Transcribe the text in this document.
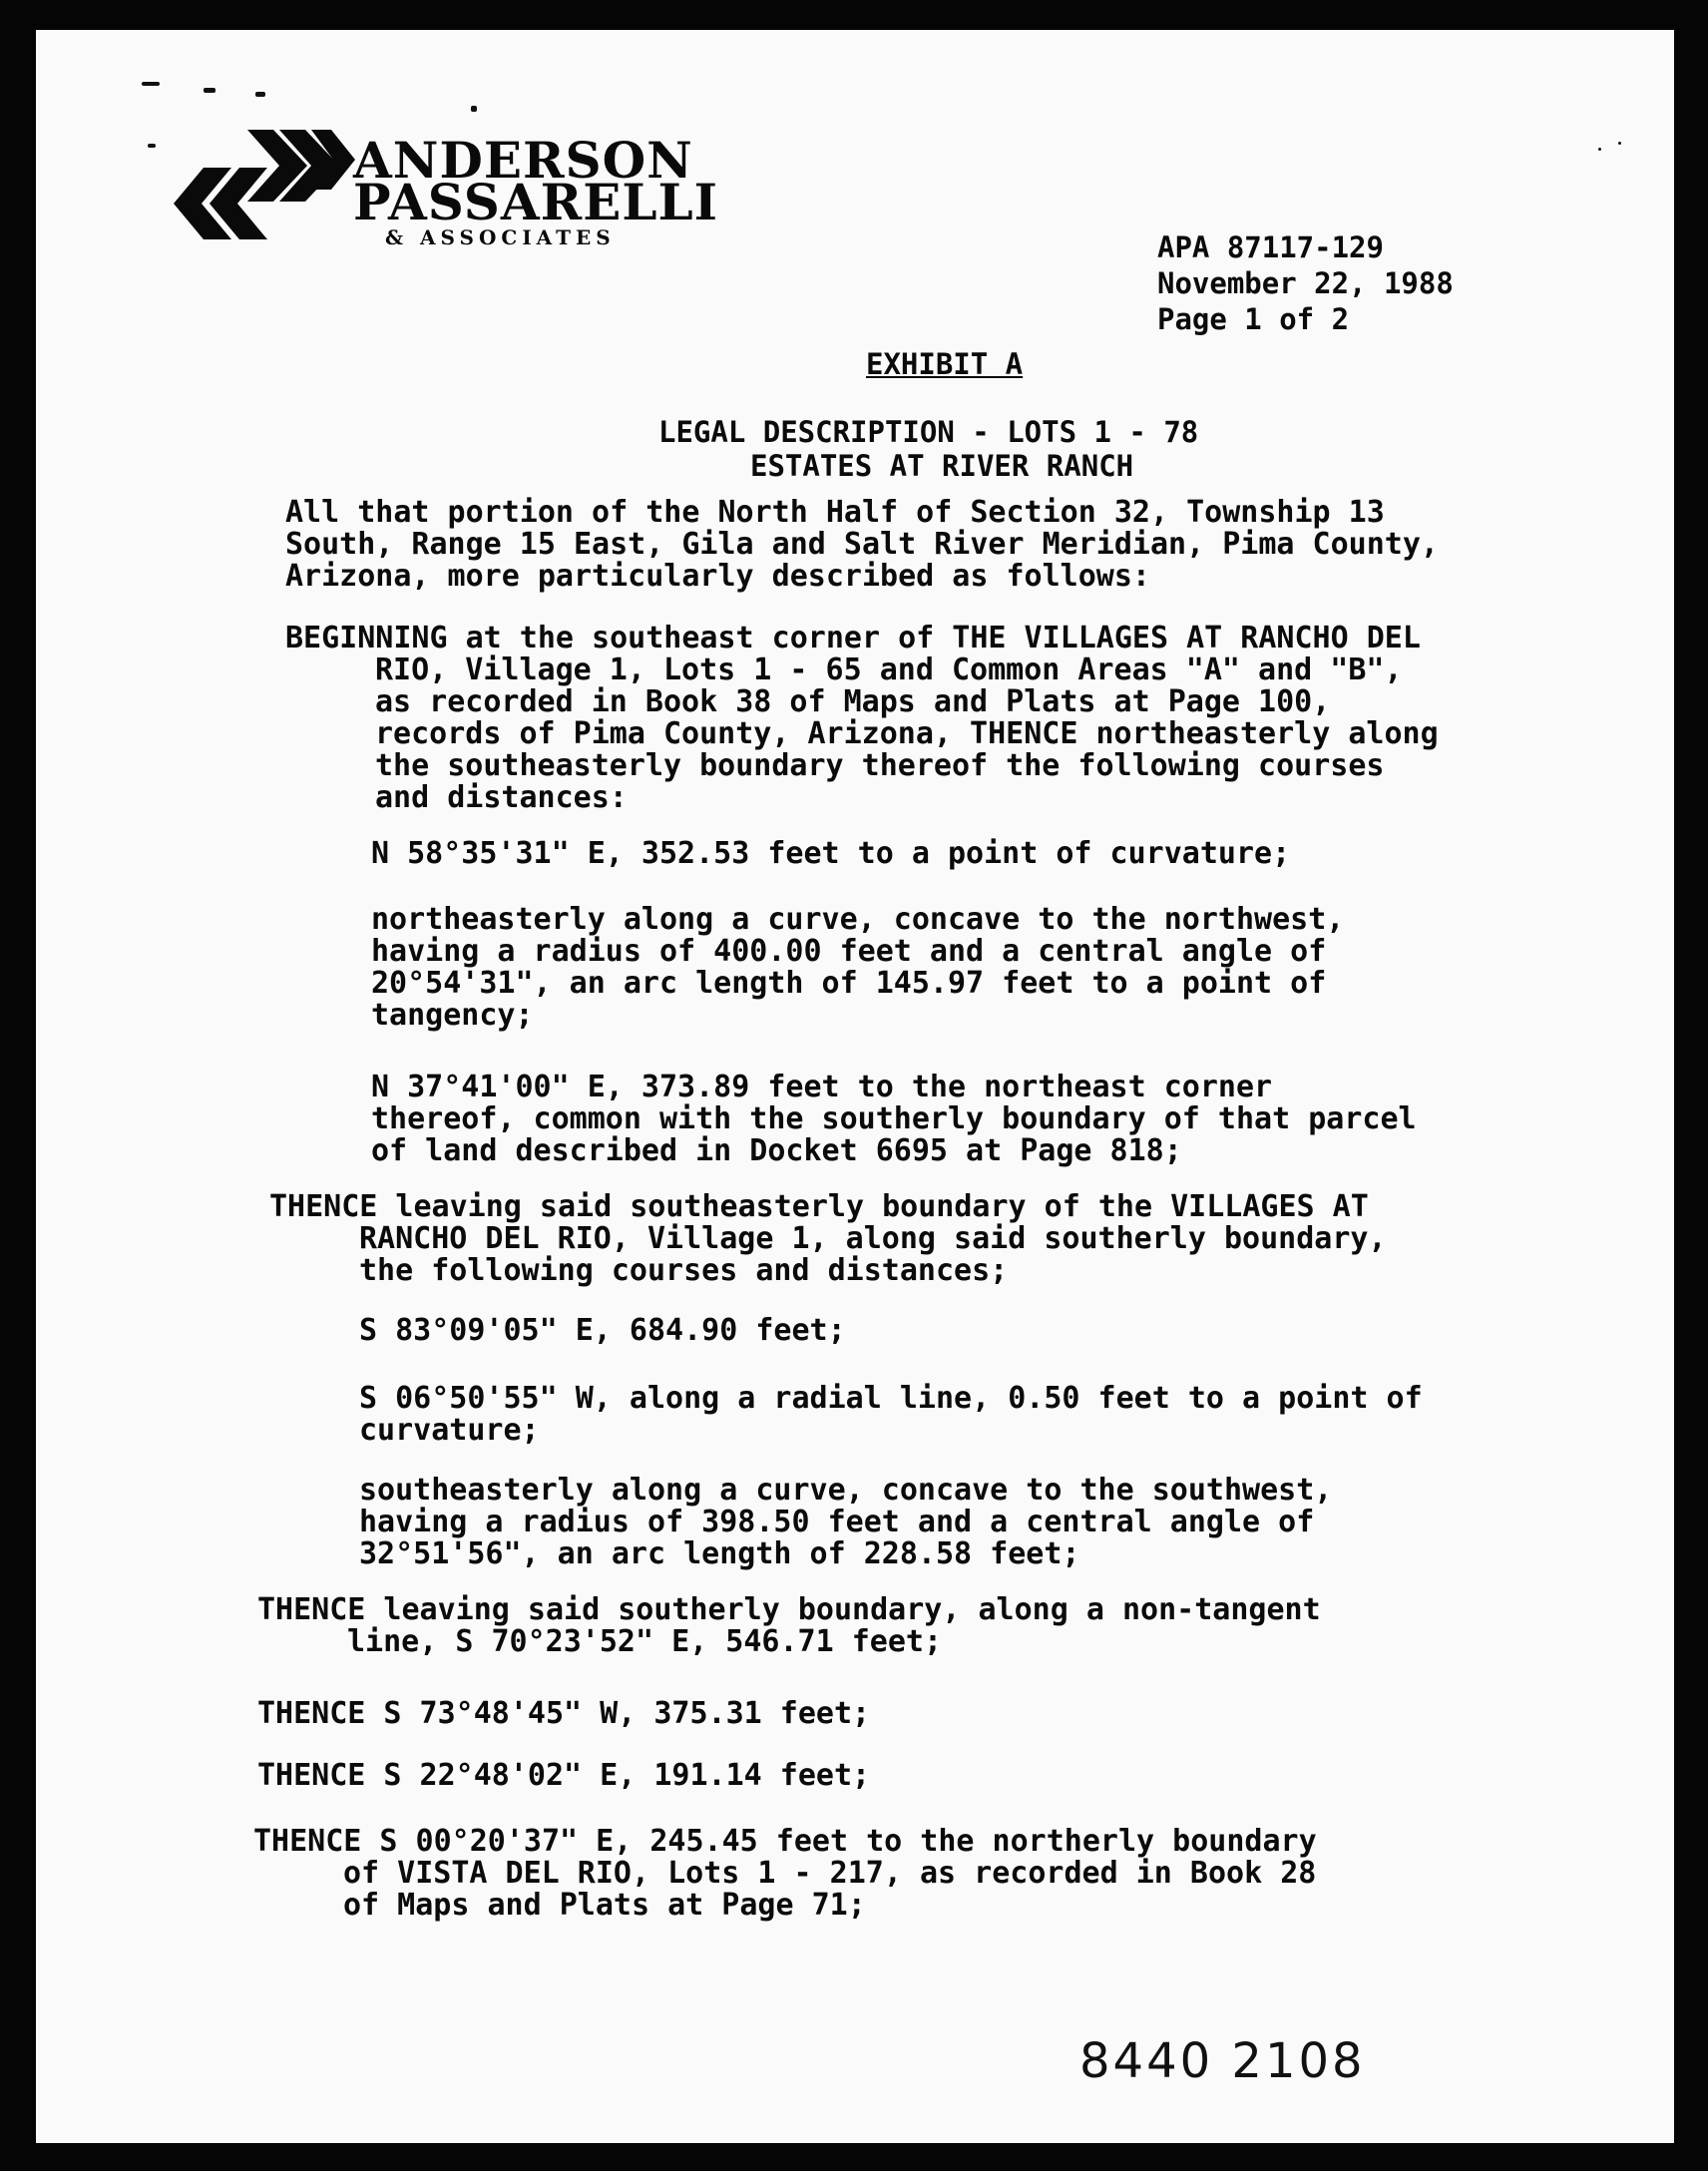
ANDERSON
PASSARELLI
& ASSOCIATES	APA 87117-129
November 22, 1988
Page 1 of 2
EXHIBIT A
LEGAL DESCRIPTION - LOTS 1 - 78
ESTATES AT RIVER RANCH
All that portion of the North Half of Section 32, Township 13
South, Range 15 East, Gila and Salt River Meridian, Pima County,
Arizona, more particularly described as follows:
BEGINNING at the southeast corner of THE VILLAGES AT RANCHO DEL
RIO, Village 1, Lots 1 - 65 and Common Areas "A" and "B",
as recorded in Book 38 of Maps and Plats at Page 100,
records of Pima County, Arizona, THENCE northeasterly along
the southeasterly boundary thereof the following courses
and distances:
N 58°35'31" E, 352.53 feet to a point of curvature;
northeasterly along a curve, concave to the northwest,
having a radius of 400.00 feet and a central angle of
20°54'31", an arc length of 145.97 feet to a point of
tangency;
N 37°41'00" E, 373.89 feet to the northeast corner
thereof, common with the southerly boundary of that parcel
of land described in Docket 6695 at Page 818;
THENCE leaving said southeasterly boundary of the VILLAGES AT
RANCHO DEL RIO, Village 1, along said southerly boundary,
the following courses and distances;
S 83°09'05" E, 684.90 feet;
S 06°50'55" W, along a radial line, 0.50 feet to a point of
curvature;
southeasterly along a curve, concave to the southwest,
having a radius of 398.50 feet and a central angle of
32°51'56", an arc length of 228.58 feet;
THENCE leaving said southerly boundary, along a non-tangent
line, S 70°23'52" E, 546.71 feet;
THENCE S 73°48'45" W, 375.31 feet;
THENCE S 22°48'02" E, 191.14 feet;
THENCE S 00°20'37" E, 245.45 feet to the northerly boundary
of VISTA DEL RIO, Lots 1 - 217, as recorded in Book 28
of Maps and Plats at Page 71;
8440 2108
